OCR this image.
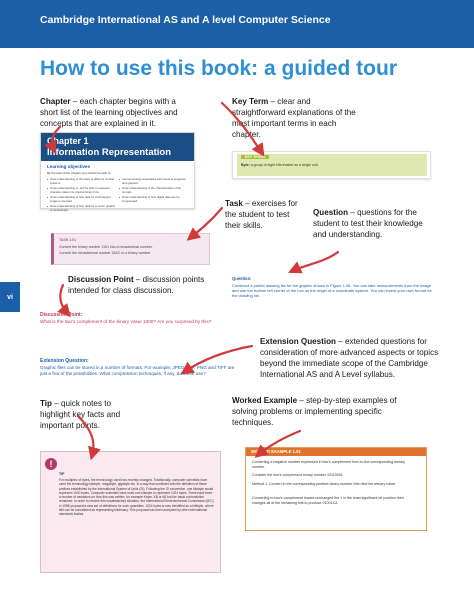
Cambridge International AS and A level Computer Science
vi
How to use this book: a guided tour
Chapter – each chapter begins with a short list of the learning objectives and concepts that are explained in it.
Chapter 1
Information Representation
Learning objectives
By the end of this chapter you should be able to:
show understanding of the basis of different number systems
show understanding of, and be able to represent, character data in its internal binary form
show understanding of how data for a bitmapped image is encoded
show understanding of how data for a vector graphic is represented
use terminology associated with sound in programs and graphics
show understanding of the characteristics of file formats
show understanding of how digital data can be compressed
Key Term – clear and straightforward explanations of the most important terms in each chapter.
KEY TERMS
Byte: a group of eight bits treated as a single unit
Task – exercises for the student to test their skills.
TASK 1.01
Convert the binary number 1101 into a hexadecimal number.
Convert the hexadecimal number 3A2C to a binary number.
Question – questions for the student to test their knowledge and understanding.
Question:
Construct a partial drawing list for the graphic shown in Figure 1.06. You can take measurements from the image and use the bottom left corner of the box as the origin of a coordinate system. You can invent your own format for the drawing list.
Discussion Point – discussion points intended for class discussion.
Discussion Point:
What is the two's complement of the binary value 1000? Are you surprised by this?
Extension Question – extended questions for consideration of more advanced aspects or topics beyond the immediate scope of the Cambridge International AS and A Level syllabus.
Extension Question:
Graphic files can be stored in a number of formats. For example, JPEG, GIF, PNG and TIFF are just a few of the possibilities. What compression techniques, if any, do these use?
Tip – quick notes to highlight key facts and important points.
!
TIP
For multiples of bytes, the terminology used has recently changed. Traditionally, computer scientists have used the terminology kilobyte, megabyte, gigabyte etc. in a way that conflicted with the definition of these prefixes established by the International System of Units (SI). Following the SI convention, one kilobyte would represent 1000 bytes. Computer scientists have used one kilobyte to represent 1024 bytes. There have been a number of variations on how this was written, for example Kbyte, KB or kB but the basic contradiction remained. In order to resolve this unsatisfactory situation, the International Electrotechnical Commission (IEC) in 1998 proposed a new set of definitions for such quantities. 1024 bytes is now identified as a kibibyte, where kibi can be considered as representing kilobinary. This proposal has been accepted by other international standards bodies.
Worked Example – step-by-step examples of solving problems or implementing specific techniques.
WORKED EXAMPLE 1.01
Converting a negative number expressed in two's complement form to the corresponding denary number.
Consider the two's complement binary number 10110001.
Method 1. Convert to the corresponding positive binary number then find the denary value
Converting to two's complement leaves unchanged the 1 in the least significant bit position then changes all of the remaining bits to produce 01001111.
